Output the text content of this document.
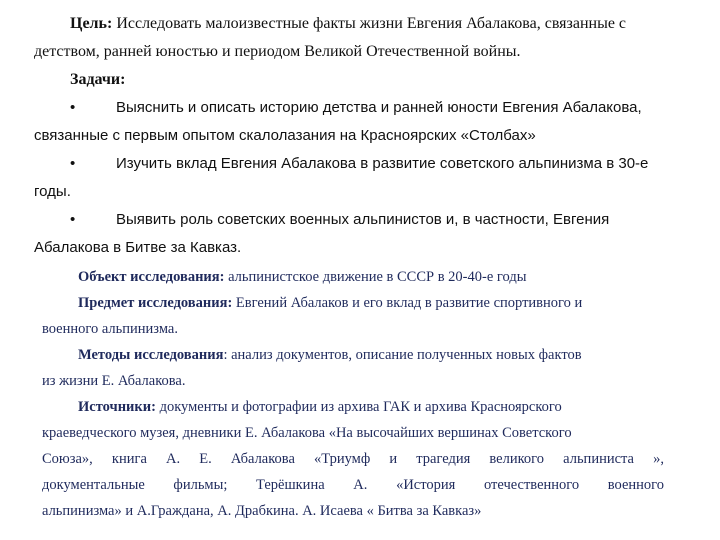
Цель: Исследовать малоизвестные факты жизни Евгения Абалакова, связанные с
детством, ранней юностью и периодом Великой Отечественной войны.
Задачи:
•	Выяснить и описать историю детства и ранней юности Евгения Абалакова,
связанные с первым опытом скалолазания на Красноярских «Столбах»
•	Изучить вклад Евгения Абалакова в развитие советского альпинизма в 30-е
годы.
•	Выявить роль советских военных альпинистов и, в частности, Евгения
Абалакова в Битве за Кавказ.
Объект исследования: альпинистское движение в СССР в 20-40-е годы
Предмет исследования: Евгений Абалаков и его вклад в развитие спортивного и
военного альпинизма.
Методы исследования: анализ документов, описание полученных новых фактов
из жизни Е. Абалакова.
Источники: документы и фотографии из архива ГАК и архива Красноярского
краеведческого музея, дневники Е. Абалакова «На высочайших вершинах Советского
Союза», книга А. Е. Абалакова «Триумф и трагедия великого альпиниста »,
документальные фильмы; Терёшкина А. «История отечественного военного
альпинизма» и А.Граждана, А. Драбкина. А. Исаева « Битва за Кавказ»
